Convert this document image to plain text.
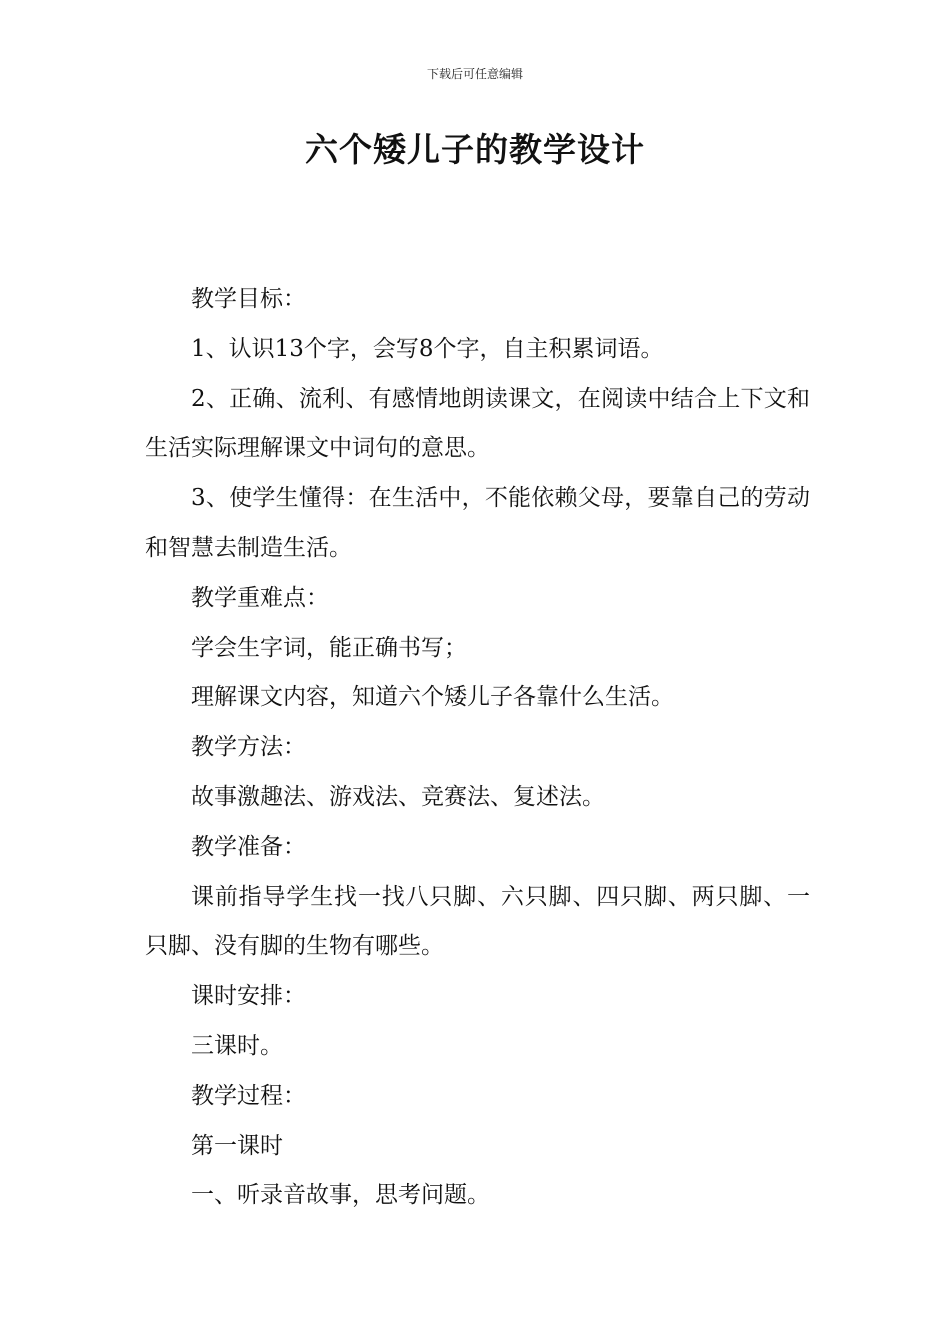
下载后可任意编辑
六个矮儿子的教学设计

教学目标：

1、认识13个字，会写8个字，自主积累词语。

2、正确、流利、有感情地朗读课文，在阅读中结合上下文和生活实际理解课文中词句的意思。

3、使学生懂得：在生活中，不能依赖父母，要靠自己的劳动和智慧去制造生活。

教学重难点：

学会生字词，能正确书写；

理解课文内容，知道六个矮儿子各靠什么生活。

教学方法：

故事激趣法、游戏法、竞赛法、复述法。

教学准备：

课前指导学生找一找八只脚、六只脚、四只脚、两只脚、一只脚、没有脚的生物有哪些。

课时安排：

三课时。

教学过程：

第一课时

一、听录音故事，思考问题。
